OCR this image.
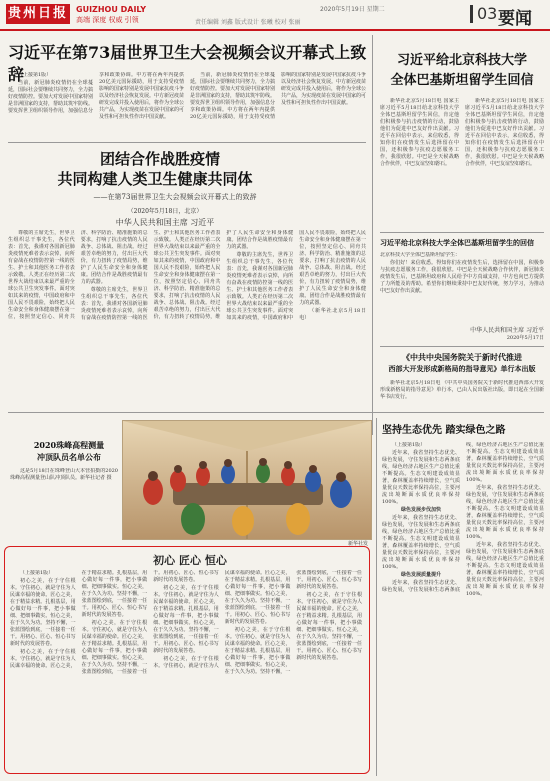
贵州日报 GUIZHOU DAILY
高端 深度 权威 引领	责任编辑 刘鑫 版式设计 张曦 校对 张丽
2020年5月19日 星期二	03 要闻
习近平在第73届世界卫生大会视频会议开幕式上致辞

（上接第1版）

当前，新冠肺炎疫情仍在全球蔓延，国际社会要继续共同努力，全力搞好疫情防控。要加大对发展中国家特别是非洲国家的支持，帮助其筑牢防线。要发挥世卫组织领导作用，加强信息分享和政策协调。中方将在两年内提供20亿美元国际援助，用于支持受疫情影响的国家特别是发展中国家抗疫斗争以及经济社会恢复发展。中方新冠疫苗研发完成并投入使用后，将作为全球公共产品，为实现疫苗在发展中国家的可及性和可担负性作出中国贡献。

当前，新冠肺炎疫情仍在全球蔓延，国际社会要继续共同努力，全力搞好疫情防控。要加大对发展中国家特别是非洲国家的支持，帮助其筑牢防线。要发挥世卫组织领导作用，加强信息分享和政策协调。中方将在两年内提供20亿美元国际援助，用于支持受疫情影响的国家特别是发展中国家抗疫斗争以及经济社会恢复发展。中方新冠疫苗研发完成并投入使用后，将作为全球公共产品，为实现疫苗在发展中国家的可及性和可担负性作出中国贡献。

团结合作战胜疫情
共同构建人类卫生健康共同体
——在第73届世界卫生大会视频会议开幕式上的致辞
（2020年5月18日，北京）
中华人民共和国主席 习近平

尊敬的主席先生，世界卫生组织总干事先生，各位代表：首先，我谨对各国新冠肺炎疫情死难者表示哀悼，向所有奋战在疫情防控第一线的医生、护士和其他医务工作者表示致敬。人类正在经历第二次世界大战结束以来最严重的全球公共卫生突发事件。面对突如其来的疫情，中国政府和中国人民不畏艰险，始终把人民生命安全和身体健康摆在第一位，按照坚定信心、同舟共济、科学防治、精准施策的总要求，打响了抗击疫情的人民战争、总体战、阻击战。经过艰苦卓绝的努力，付出巨大代价，有力扭转了疫情局势，维护了人民生命安全和身体健康。团结合作是战胜疫情最有力的武器。

尊敬的主席先生，世界卫生组织总干事先生，各位代表：首先，我谨对各国新冠肺炎疫情死难者表示哀悼，向所有奋战在疫情防控第一线的医生、护士和其他医务工作者表示致敬。人类正在经历第二次世界大战结束以来最严重的全球公共卫生突发事件。面对突如其来的疫情，中国政府和中国人民不畏艰险，始终把人民生命安全和身体健康摆在第一位，按照坚定信心、同舟共济、科学防治、精准施策的总要求，打响了抗击疫情的人民战争、总体战、阻击战。经过艰苦卓绝的努力，付出巨大代价，有力扭转了疫情局势，维护了人民生命安全和身体健康。团结合作是战胜疫情最有力的武器。

尊敬的主席先生，世界卫生组织总干事先生，各位代表：首先，我谨对各国新冠肺炎疫情死难者表示哀悼，向所有奋战在疫情防控第一线的医生、护士和其他医务工作者表示致敬。人类正在经历第二次世界大战结束以来最严重的全球公共卫生突发事件。面对突如其来的疫情，中国政府和中国人民不畏艰险，始终把人民生命安全和身体健康摆在第一位，按照坚定信心、同舟共济、科学防治、精准施策的总要求，打响了抗击疫情的人民战争、总体战、阻击战。经过艰苦卓绝的努力，付出巨大代价，有力扭转了疫情局势，维护了人民生命安全和身体健康。团结合作是战胜疫情最有力的武器。

（新华社北京5月18日电）

习近平给北京科技大学
全体巴基斯坦留学生回信

新华社北京5月18日电 国家主席习近平5月18日给北京科技大学全体巴基斯坦留学生回信，肯定他们积极参与抗击疫情的行动，鼓励他们为促进中巴友好作出贡献。习近平在回信中表示，来信收悉，得知你们在疫情发生后选择留在中国，还积极参与抗疫志愿服务工作，我很欣慰。中巴是全天候战略合作伙伴，中巴友谊坚如磐石。

新华社北京5月18日电 国家主席习近平5月18日给北京科技大学全体巴基斯坦留学生回信，肯定他们积极参与抗击疫情的行动，鼓励他们为促进中巴友好作出贡献。习近平在回信中表示，来信收悉，得知你们在疫情发生后选择留在中国，还积极参与抗疫志愿服务工作，我很欣慰。中巴是全天候战略合作伙伴，中巴友谊坚如磐石。

习近平给北京科技大学全体巴基斯坦留学生的回信

北京科技大学全体巴基斯坦留学生：

你们好！来信收悉。得知你们在疫情发生后，选择留在中国，积极参与抗疫志愿服务工作，我很欣慰。中巴是全天候战略合作伙伴，新冠肺炎疫情发生后，巴基斯坦政府和人民给予中方真诚支持，中方也向巴方提供了力所能及的帮助。希望你们继续秉持中巴友好传统，努力学习，为推动中巴友好作出贡献。

中华人民共和国主席 习近平
2020年5月17日
《中共中央国务院关于新时代推进
西部大开发形成新格局的指导意见》单行本出版

新华社北京5月18日电 《中共中央国务院关于新时代推进西部大开发形成新格局的指导意见》单行本，已由人民出版社出版，即日起在全国新华书店发行。

2020珠峰高程测量
冲顶队员名单公布

这是5月18日在珠峰登山大本营拍摄的2020珠峰高程测量登山队冲顶队员。新华社记者 摄

新华社发
坚持生态优先 踏实绿色之路

（上接第1版）

近年来，我省坚持生态优先、绿色发展，守住发展和生态两条底线，绿色经济占地区生产总值比重不断提高。生态文明建设成效显著，森林覆盖率持续增长，空气质量优良天数比率保持高位，主要河流出境断面水质优良率保持100%。

绿色发展步伐加快

近年来，我省坚持生态优先、绿色发展，守住发展和生态两条底线，绿色经济占地区生产总值比重不断提高。生态文明建设成效显著，森林覆盖率持续增长，空气质量优良天数比率保持高位，主要河流出境断面水质优良率保持100%。

绿色发展质量提升

近年来，我省坚持生态优先、绿色发展，守住发展和生态两条底线，绿色经济占地区生产总值比重不断提高。生态文明建设成效显著，森林覆盖率持续增长，空气质量优良天数比率保持高位，主要河流出境断面水质优良率保持100%。

近年来，我省坚持生态优先、绿色发展，守住发展和生态两条底线，绿色经济占地区生产总值比重不断提高。生态文明建设成效显著，森林覆盖率持续增长，空气质量优良天数比率保持高位，主要河流出境断面水质优良率保持100%。

近年来，我省坚持生态优先、绿色发展，守住发展和生态两条底线，绿色经济占地区生产总值比重不断提高。生态文明建设成效显著，森林覆盖率持续增长，空气质量优良天数比率保持高位，主要河流出境断面水质优良率保持100%。

初心 匠心 恒心

（上接第1版）

初心之美，在于守住根本。守住初心，就是守住为人民谋幸福的使命。匠心之美，在于精益求精。扎根基层，用心做好每一件事，把小事做细、把细事做实。恒心之美，在于久久为功。坚持不懈，一张蓝图绘到底，一任接着一任干。用初心、匠心、恒心书写新时代的发展答卷。

初心之美，在于守住根本。守住初心，就是守住为人民谋幸福的使命。匠心之美，在于精益求精。扎根基层，用心做好每一件事，把小事做细、把细事做实。恒心之美，在于久久为功。坚持不懈，一张蓝图绘到底，一任接着一任干。用初心、匠心、恒心书写新时代的发展答卷。

初心之美，在于守住根本。守住初心，就是守住为人民谋幸福的使命。匠心之美，在于精益求精。扎根基层，用心做好每一件事，把小事做细、把细事做实。恒心之美，在于久久为功。坚持不懈，一张蓝图绘到底，一任接着一任干。用初心、匠心、恒心书写新时代的发展答卷。

初心之美，在于守住根本。守住初心，就是守住为人民谋幸福的使命。匠心之美，在于精益求精。扎根基层，用心做好每一件事，把小事做细、把细事做实。恒心之美，在于久久为功。坚持不懈，一张蓝图绘到底，一任接着一任干。用初心、匠心、恒心书写新时代的发展答卷。

初心之美，在于守住根本。守住初心，就是守住为人民谋幸福的使命。匠心之美，在于精益求精。扎根基层，用心做好每一件事，把小事做细、把细事做实。恒心之美，在于久久为功。坚持不懈，一张蓝图绘到底，一任接着一任干。用初心、匠心、恒心书写新时代的发展答卷。

初心之美，在于守住根本。守住初心，就是守住为人民谋幸福的使命。匠心之美，在于精益求精。扎根基层，用心做好每一件事，把小事做细、把细事做实。恒心之美，在于久久为功。坚持不懈，一张蓝图绘到底，一任接着一任干。用初心、匠心、恒心书写新时代的发展答卷。

初心之美，在于守住根本。守住初心，就是守住为人民谋幸福的使命。匠心之美，在于精益求精。扎根基层，用心做好每一件事，把小事做细、把细事做实。恒心之美，在于久久为功。坚持不懈，一张蓝图绘到底，一任接着一任干。用初心、匠心、恒心书写新时代的发展答卷。
